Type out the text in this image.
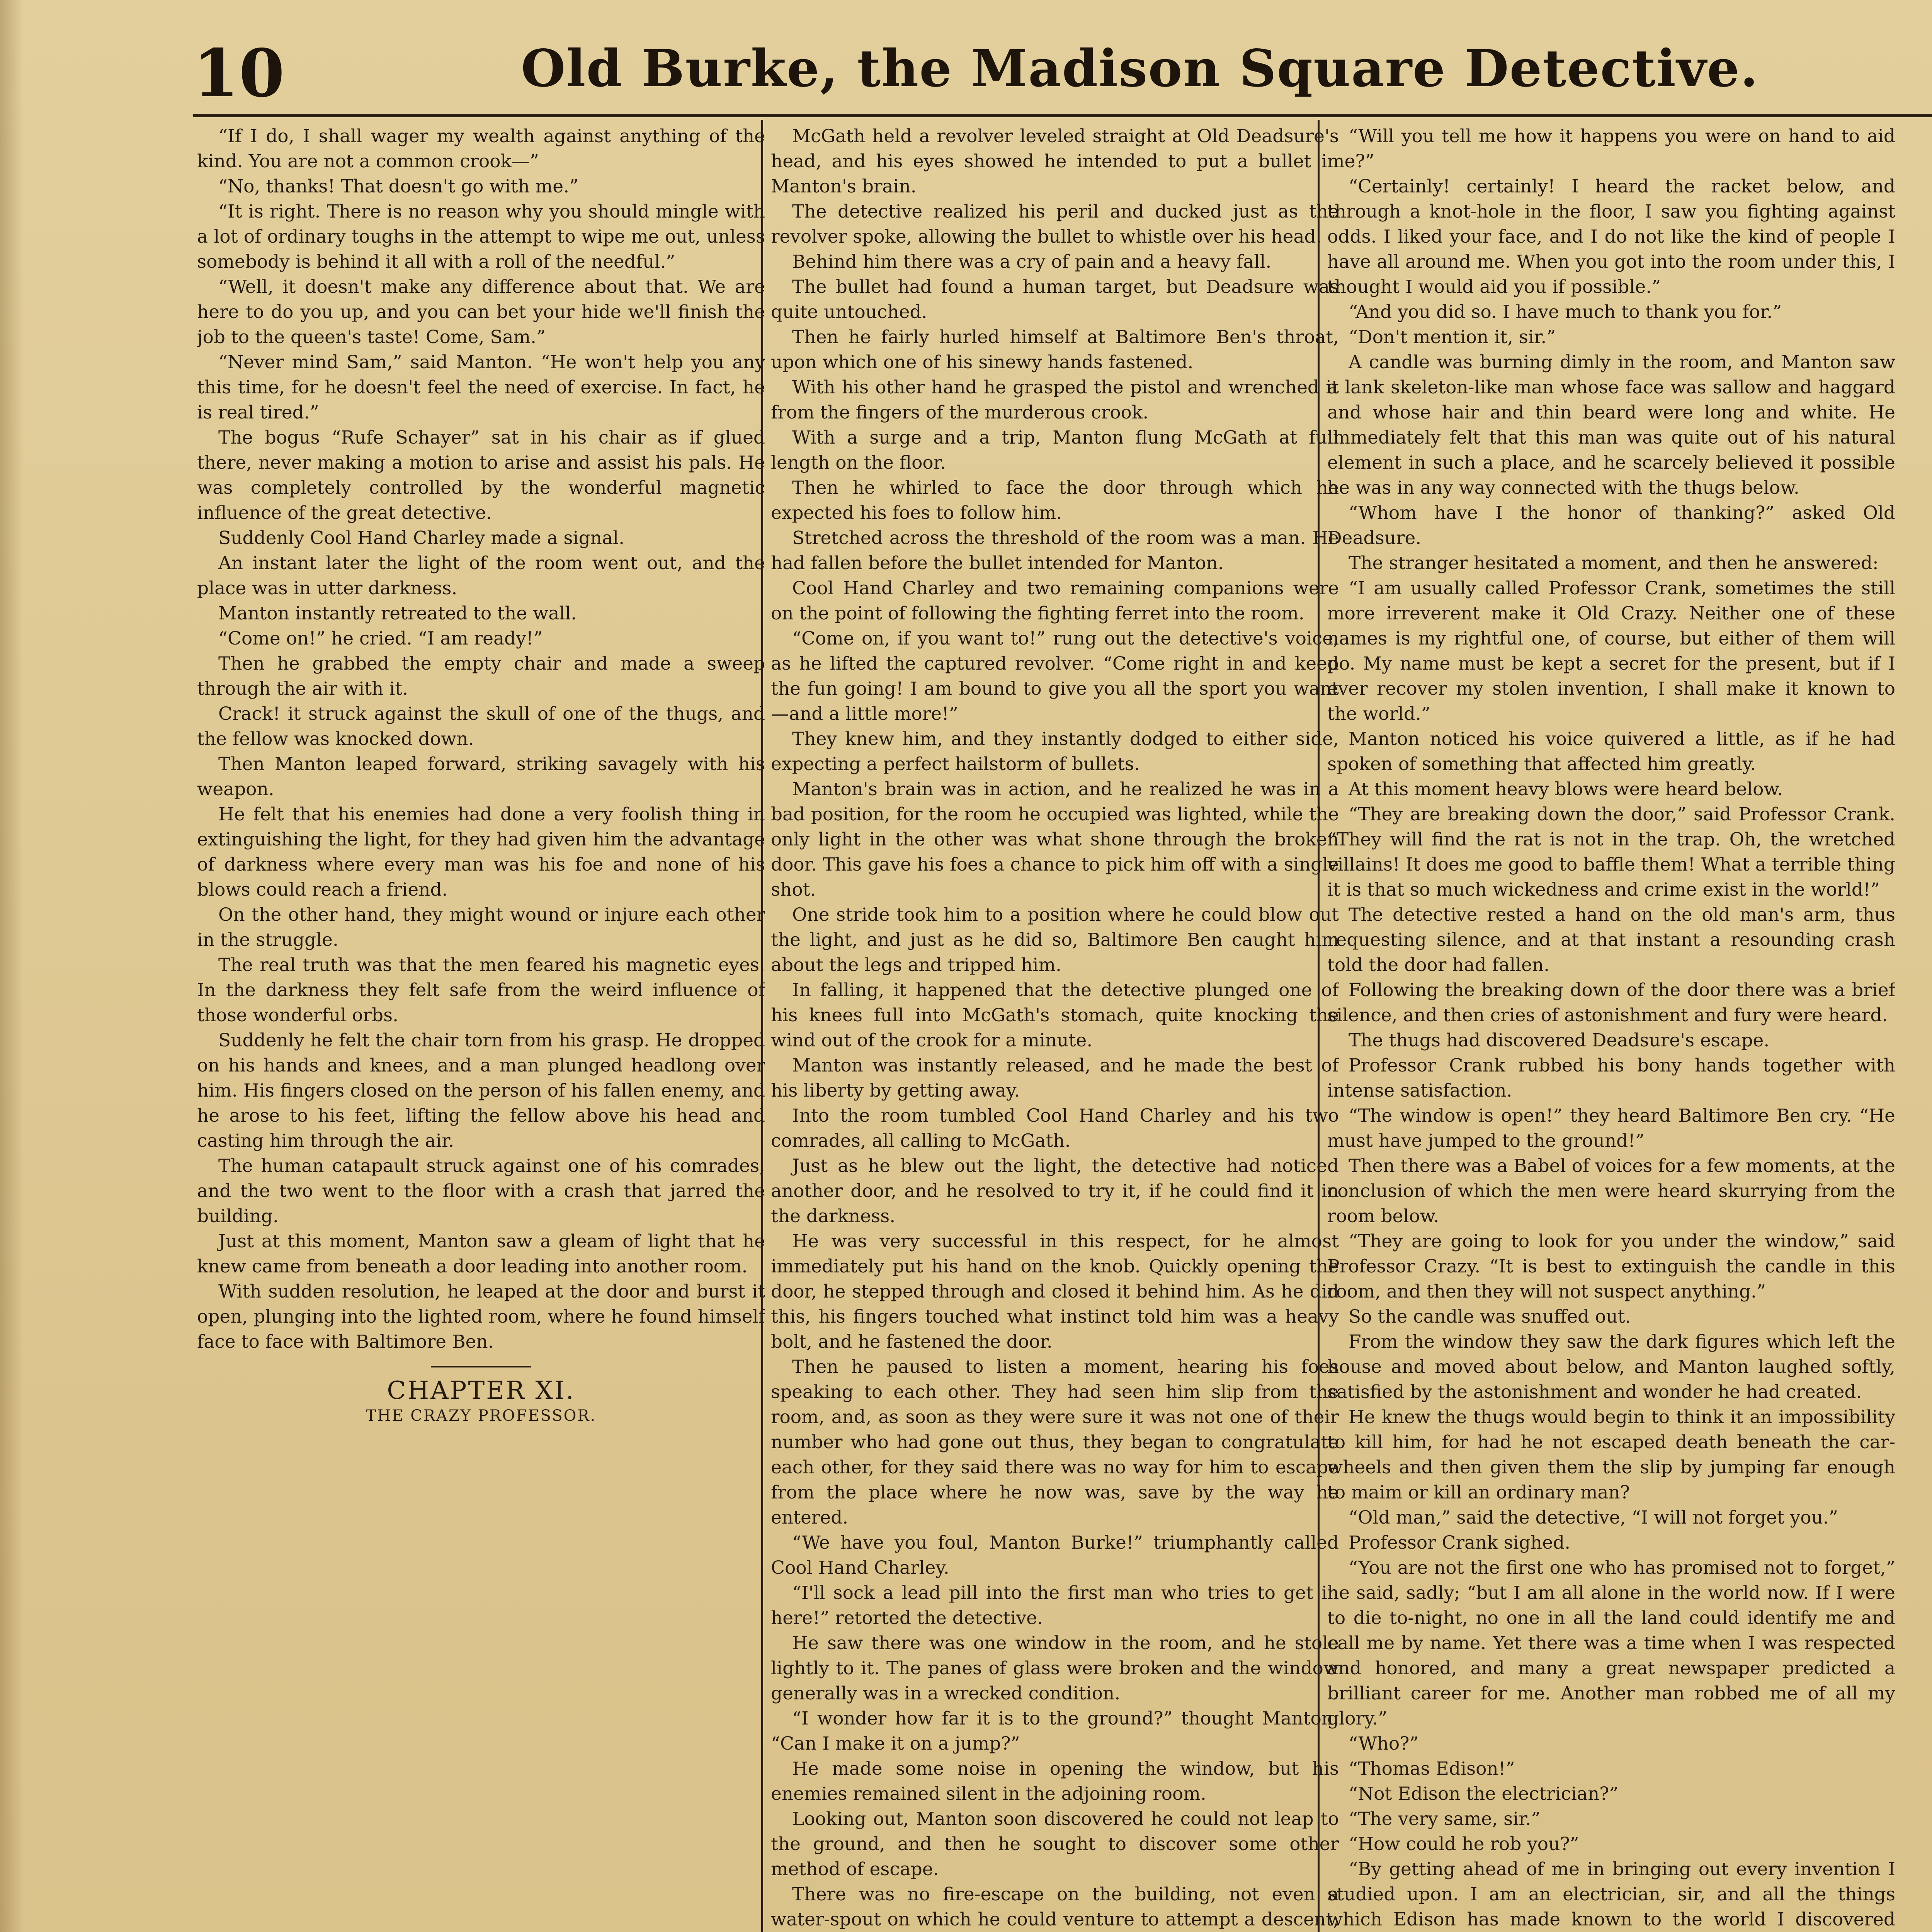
10	Old Burke, the Madison Square Detective.

“If I do, I shall wager my wealth against anything of the kind. You are not a common crook—”

“No, thanks! That doesn't go with me.”

“It is right. There is no reason why you should mingle with a lot of ordinary toughs in the attempt to wipe me out, unless somebody is behind it all with a roll of the needful.”

“Well, it doesn't make any difference about that. We are here to do you up, and you can bet your hide we'll finish the job to the queen's taste! Come, Sam.”

“Never mind Sam,” said Manton. “He won't help you any this time, for he doesn't feel the need of exercise. In fact, he is real tired.”

The bogus “Rufe Schayer” sat in his chair as if glued there, never making a motion to arise and assist his pals. He was completely controlled by the wonderful magnetic influence of the great detective.

Suddenly Cool Hand Charley made a signal.

An instant later the light of the room went out, and the place was in utter darkness.

Manton instantly retreated to the wall.

“Come on!” he cried. “I am ready!”

Then he grabbed the empty chair and made a sweep through the air with it.

Crack! it struck against the skull of one of the thugs, and the fellow was knocked down.

Then Manton leaped forward, striking savagely with his weapon.

He felt that his enemies had done a very foolish thing in extinguishing the light, for they had given him the advantage of darkness where every man was his foe and none of his blows could reach a friend.

On the other hand, they might wound or injure each other in the struggle.

The real truth was that the men feared his magnetic eyes. In the darkness they felt safe from the weird influence of those wonderful orbs.

Suddenly he felt the chair torn from his grasp. He dropped on his hands and knees, and a man plunged headlong over him. His fingers closed on the person of his fallen enemy, and he arose to his feet, lifting the fellow above his head and casting him through the air.

The human catapault struck against one of his comrades, and the two went to the floor with a crash that jarred the building.

Just at this moment, Manton saw a gleam of light that he knew came from beneath a door leading into another room.

With sudden resolution, he leaped at the door and burst it open, plunging into the lighted room, where he found himself face to face with Baltimore Ben.

CHAPTER XI.
THE CRAZY PROFESSOR.

McGath held a revolver leveled straight at Old Deadsure's head, and his eyes showed he intended to put a bullet in Manton's brain.

The detective realized his peril and ducked just as the revolver spoke, allowing the bullet to whistle over his head.

Behind him there was a cry of pain and a heavy fall.

The bullet had found a human target, but Deadsure was quite untouched.

Then he fairly hurled himself at Baltimore Ben's throat, upon which one of his sinewy hands fastened.

With his other hand he grasped the pistol and wrenched it from the fingers of the murderous crook.

With a surge and a trip, Manton flung McGath at full length on the floor.

Then he whirled to face the door through which he expected his foes to follow him.

Stretched across the threshold of the room was a man. He had fallen before the bullet intended for Manton.

Cool Hand Charley and two remaining companions were on the point of following the fighting ferret into the room.

“Come on, if you want to!” rung out the detective's voice, as he lifted the captured revolver. “Come right in and keep the fun going! I am bound to give you all the sport you want—and a little more!”

They knew him, and they instantly dodged to either side, expecting a perfect hailstorm of bullets.

Manton's brain was in action, and he realized he was in a bad position, for the room he occupied was lighted, while the only light in the other was what shone through the broken door. This gave his foes a chance to pick him off with a single shot.

One stride took him to a position where he could blow out the light, and just as he did so, Baltimore Ben caught him about the legs and tripped him.

In falling, it happened that the detective plunged one of his knees full into McGath's stomach, quite knocking the wind out of the crook for a minute.

Manton was instantly released, and he made the best of his liberty by getting away.

Into the room tumbled Cool Hand Charley and his two comrades, all calling to McGath.

Just as he blew out the light, the detective had noticed another door, and he resolved to try it, if he could find it in the darkness.

He was very successful in this respect, for he almost immediately put his hand on the knob. Quickly opening the door, he stepped through and closed it behind him. As he did this, his fingers touched what instinct told him was a heavy bolt, and he fastened the door.

Then he paused to listen a moment, hearing his foes speaking to each other. They had seen him slip from the room, and, as soon as they were sure it was not one of their number who had gone out thus, they began to congratulate each other, for they said there was no way for him to escape from the place where he now was, save by the way he entered.

“We have you foul, Manton Burke!” triumphantly called Cool Hand Charley.

“I'll sock a lead pill into the first man who tries to get in here!” retorted the detective.

He saw there was one window in the room, and he stole lightly to it. The panes of glass were broken and the window generally was in a wrecked condition.

“I wonder how far it is to the ground?” thought Manton. “Can I make it on a jump?”

He made some noise in opening the window, but his enemies remained silent in the adjoining room.

Looking out, Manton soon discovered he could not leap to the ground, and then he sought to discover some other method of escape.

There was no fire-escape on the building, not even a water-spout on which he could venture to attempt a descent,

“Will you tell me how it happens you were on hand to aid me?”

“Certainly! certainly! I heard the racket below, and through a knot-hole in the floor, I saw you fighting against odds. I liked your face, and I do not like the kind of people I have all around me. When you got into the room under this, I thought I would aid you if possible.”

“And you did so. I have much to thank you for.”

“Don't mention it, sir.”

A candle was burning dimly in the room, and Manton saw a lank skeleton-like man whose face was sallow and haggard and whose hair and thin beard were long and white. He immediately felt that this man was quite out of his natural element in such a place, and he scarcely believed it possible he was in any way connected with the thugs below.

“Whom have I the honor of thanking?” asked Old Deadsure.

The stranger hesitated a moment, and then he answered:

“I am usually called Professor Crank, sometimes the still more irreverent make it Old Crazy. Neither one of these names is my rightful one, of course, but either of them will do. My name must be kept a secret for the present, but if I ever recover my stolen invention, I shall make it known to the world.”

Manton noticed his voice quivered a little, as if he had spoken of something that affected him greatly.

At this moment heavy blows were heard below.

“They are breaking down the door,” said Professor Crank. “They will find the rat is not in the trap. Oh, the wretched villains! It does me good to baffle them! What a terrible thing it is that so much wickedness and crime exist in the world!”

The detective rested a hand on the old man's arm, thus requesting silence, and at that instant a resounding crash told the door had fallen.

Following the breaking down of the door there was a brief silence, and then cries of astonishment and fury were heard.

The thugs had discovered Deadsure's escape.

Professor Crank rubbed his bony hands together with intense satisfaction.

“The window is open!” they heard Baltimore Ben cry. “He must have jumped to the ground!”

Then there was a Babel of voices for a few moments, at the conclusion of which the men were heard skurrying from the room below.

“They are going to look for you under the window,” said Professor Crazy. “It is best to extinguish the candle in this room, and then they will not suspect anything.”

So the candle was snuffed out.

From the window they saw the dark figures which left the house and moved about below, and Manton laughed softly, satisfied by the astonishment and wonder he had created.

He knew the thugs would begin to think it an impossibility to kill him, for had he not escaped death beneath the car-wheels and then given them the slip by jumping far enough to maim or kill an ordinary man?

“Old man,” said the detective, “I will not forget you.”

Professor Crank sighed.

“You are not the first one who has promised not to forget,” he said, sadly; “but I am all alone in the world now. If I were to die to-night, no one in all the land could identify me and call me by name. Yet there was a time when I was respected and honored, and many a great newspaper predicted a brilliant career for me. Another man robbed me of all my glory.”

“Who?”

“Thomas Edison!”

“Not Edison the electrician?”

“The very same, sir.”

“How could he rob you?”

“By getting ahead of me in bringing out every invention I studied upon. I am an electrician, sir, and all the things which Edison has made known to the world I discovered
